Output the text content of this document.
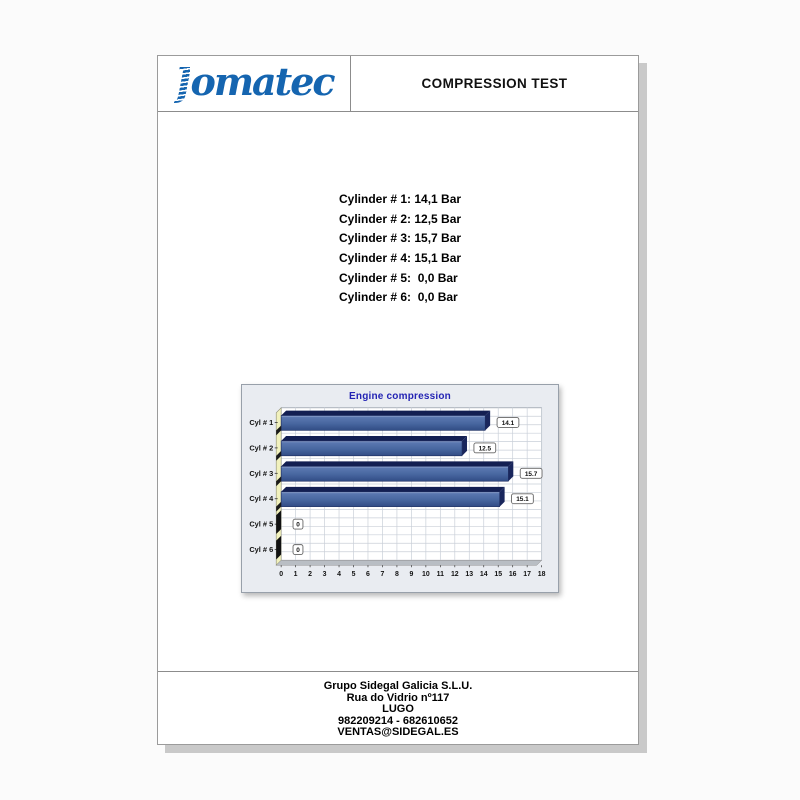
Jomatec	COMPRESSION TEST
Cylinder # 1: 14,1 Bar
Cylinder # 2: 12,5 Bar
Cylinder # 3: 15,7 Bar
Cylinder # 4: 15,1 Bar
Cylinder # 5:  0,0 Bar
Cylinder # 6:  0,0 Bar
Cyl # 1	14.1
Cyl # 2	12.5
Cyl # 3	15.7
Cyl # 4	15.1
Cyl # 5	0
Cyl # 6	0
0 1 2 3 4 5 6 7 8 9 10 11 12 13 14 15 16 17 18
Engine compression
Grupo Sidegal Galicia S.L.U.
Rua do Vidrio nº117
LUGO
982209214 - 682610652
VENTAS@SIDEGAL.ES
